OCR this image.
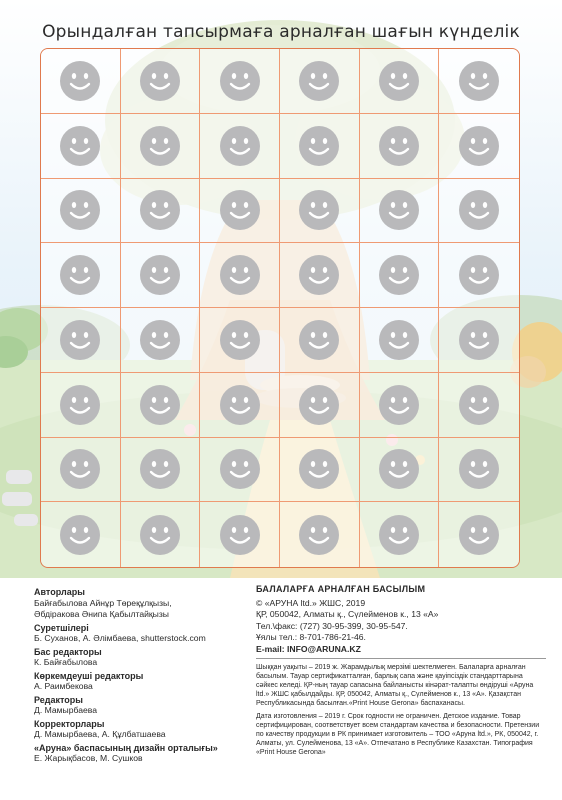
Орындалған тапсырмаға арналған шағын күнделік
Авторлары
Байғабылова Айнұр Төреқұлқызы,
Әбдіракова Әнипа Қабылтайқызы
Суретшілері
Б. Суханов, А. Әлімбаева, shutterstock.com
Бас редакторы
К. Байғабылова
Көркемдеуші редакторы
А. Раимбекова
Редакторы
Д. Мамырбаева
Корректорлары
Д. Мамырбаева, А. Құлбатшаева
«Аруна» баспасының дизайн орталығы»
Е. Жарықбасов, М. Сушков
БАЛАЛАРҒА АРНАЛҒАН БАСЫЛЫМ
© «АРУНА ltd.» ЖШС, 2019
ҚР, 050042, Алматы қ., Сүлейменов к., 13 «А»
Тел.\факс: (727) 30-95-399, 30-95-547.
Ұялы тел.: 8-701-786-21-46.
E-mail: INFO@ARUNA.KZ
Шыққан уақыты – 2019 ж. Жарамдылық мерзімі шектелмеген. Балаларға арналған басылым. Тауар сертификатталған, барлық сапа және қауіпсіздік стандарттарына сәйкес келеді. ҚР-ның тауар сапасына байланысты кінәрат-талапты өндіруші «Аруна ltd.» ЖШС қабылдайды. ҚР, 050042, Алматы қ., Сүлейменов к., 13 «А». Қазақстан Республикасында басылған.«Print House Gerona» баспаханасы.
Дата изготовления – 2019 г. Срок годности не ограничен. Детское издание. Товар сертифицирован, соответствует всем стандартам качества и безопасности. Претензии по качеству продукции в РК принимает изготовитель – ТОО «Аруна ltd.», РК, 050042, г. Алматы, ул. Сулейменова, 13 «А». Отпечатано в Республике Казахстан. Типография «Print House Gerona»
